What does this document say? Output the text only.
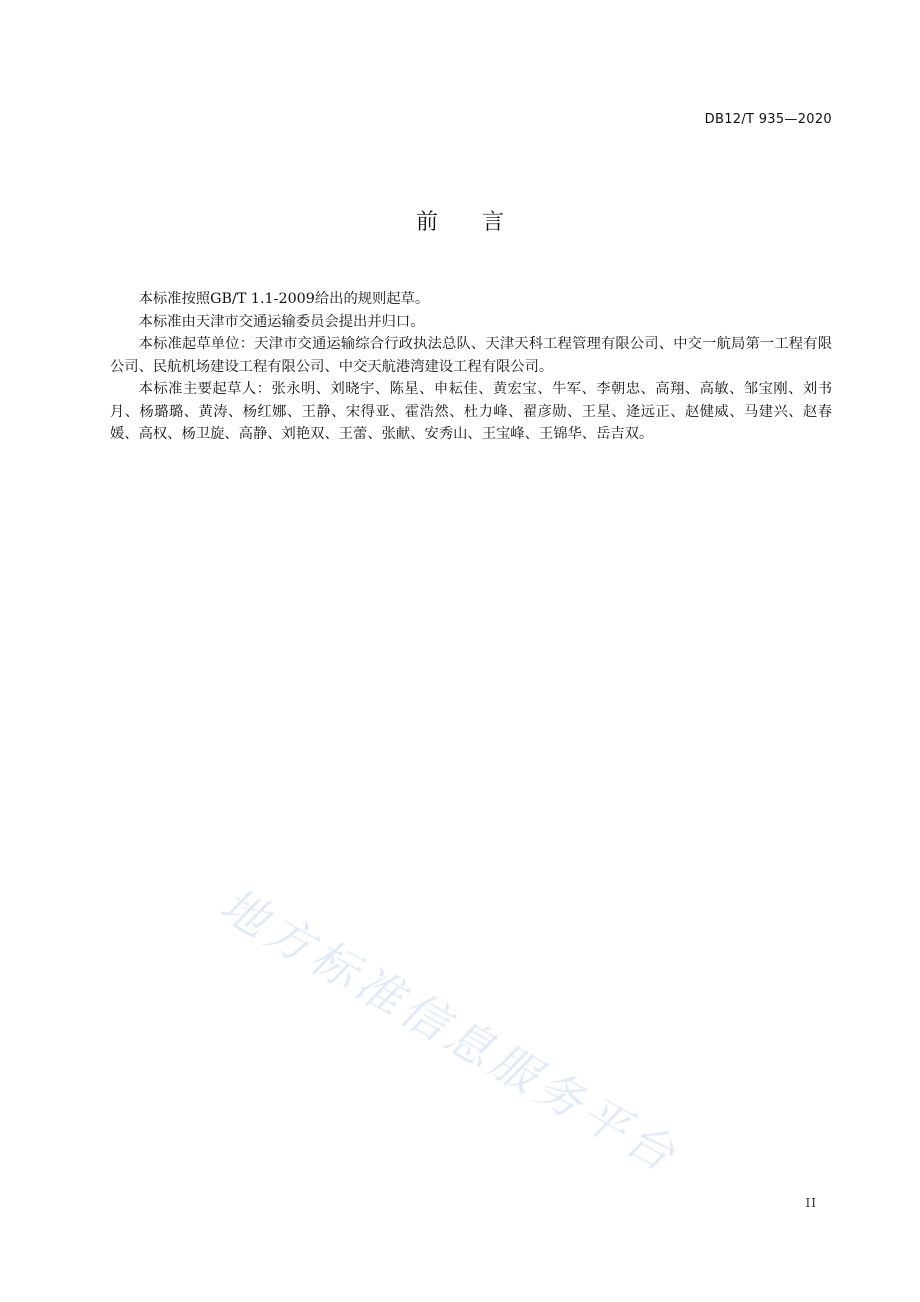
DB12/T 935—2020
前 言

本标准按照GB/T 1.1-2009给出的规则起草。

本标准由天津市交通运输委员会提出并归口。

本标准起草单位：天津市交通运输综合行政执法总队、天津天科工程管理有限公司、中交一航局第一工程有限公司、民航机场建设工程有限公司、中交天航港湾建设工程有限公司。

本标准主要起草人：张永明、刘晓宇、陈星、申耘佳、黄宏宝、牛军、李朝忠、高翔、高敏、邹宝刚、刘书月、杨璐璐、黄涛、杨红娜、王静、宋得亚、霍浩然、杜力峰、翟彦勋、王星、逄远正、赵健威、马建兴、赵春媛、高权、杨卫旋、高静、刘艳双、王蕾、张献、安秀山、王宝峰、王锦华、岳吉双。

地方标准信息服务平台
II
